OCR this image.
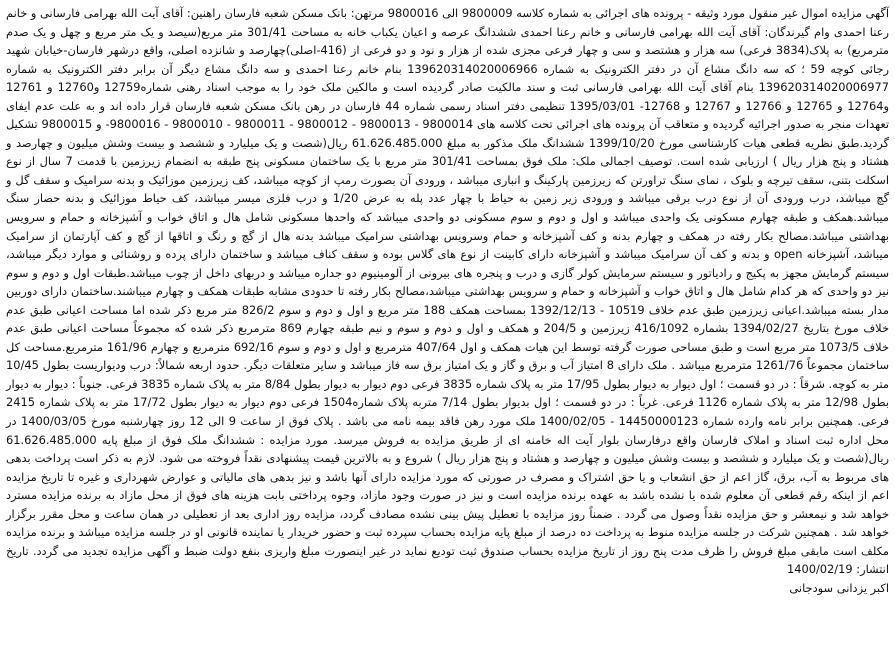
آگهی مزایده اموال غیر منقول مورد وثیقه - پرونده های اجرائی به شماره کلاسه 9800009 الی 9800016 مرتهن: بانک مسکن شعبه فارسان راهنین: آقای آیت الله بهرامی فارسانی و خانم رعنا احمدی وام گیرندگان: آقای آیت الله بهرامی فارسانی و خانم رعنا احمدی ششدانگ عرصه و اعیان یکباب خانه به مساحت 301/41 متر مربع(سیصد و یک متر مربع و چهل و یک صدم مترمربع) به پلاک(3834 فرعی) سه هزار و هشتصد و سی و چهار فرعی مجزی شده از هزار و نود و دو فرعی از (416-اصلی)چهارصد و شانزده اصلی، واقع درشهر فارسان-خیابان شهید رجائی کوچه 59 ؛ که سه دانگ مشاع آن در دفتر الکترونیک به شماره 139620314020006966 بنام خانم رعنا احمدی و سه دانگ مشاع دیگر آن برابر دفتر الکترونیک به شماره 139620314020006977 بنام آقای آیت الله بهرامی فارسانی ثبت و سند مالکیت صادر گردیده است و مالکین ملک خود را به موجب اسناد رهنی شماره12759 و12760 و 12761 و12764 و 12765 و 12766 و 12767 و 12768- 1395/03/01 تنظیمی دفتر اسناد رسمی شماره 44 فارسان در رهن بانک مسکن شعبه فارسان قرار داده اند و به علت عدم ایفای تعهدات منجر به صدور اجرائیه گردیده و متعاقب آن پرونده های اجرائی تحت کلاسه های 9800014 - 9800013 - 9800012 - 9800011 - 9800010 - 9800016- و 9800015 تشکیل گردید.طبق نظریه قطعی هیات کارشناسی مورخ 1399/10/20 ششدانگ ملک مذکور به مبلغ 61.626.485.000 ریال(شصت و یک میلیارد و ششصد و بیست وشش میلیون و چهارصد و هشتاد و پنج هزار ریال ) ارزیابی شده است. توصیف اجمالی ملک: ملک فوق بمساحت 301/41 متر مربع با یک ساختمان مسکونی پنج طبقه به انضمام زیرزمین با قدمت 7 سال از نوع اسکلت بتنی، سقف تیرچه و بلوک ، نمای سنگ تراورتن که زیرزمین پارکینگ و انباری میباشد ، ورودی آن بصورت رمپ از کوچه میباشد، کف زیرزمین موزائیک و بدنه سرامیک و سقف گل و گچ میباشد، درب ورودی آن از نوع درب برقی میباشد و ورودی زیر زمین به حیاط با چهار عدد پله به عرض 1/20 و درب فلزی میسر میباشد، کف حیاط موزائیک و بدنه حصار سنگ میباشد.همکف و طبقه چهارم مسکونی یک واحدی میباشد و اول و دوم و سوم مسکونی دو واحدی میباشد که واحدها مسکونی شامل هال و اتاق خواب و آشپزخانه و حمام و سرویس بهداشتی میباشد.مصالح بکار رفته در همکف و چهارم بدنه و کف آشپزخانه و حمام وسرویس بهداشتی سرامیک میباشد بدنه هال از گچ و رنگ و اتاقها از گچ و کف آپارتمان از سرامیک میباشد، آشپزخانه open و بدنه و کف آن سرامیک میباشد و آشپزخانه دارای کابینت از نوع های گلاس بوده و سقف کناف میباشد و ساختمان دارای پرده و روشنائی و موارد دیگر میباشد، سیستم گرمایش مجهز به پکیج و رادیاتور و سیستم سرمایش کولر گازی و درب و پنجره های بیرونی از آلومینیوم دو جداره میباشد و دربهای داخل از چوب میباشد.طبقات اول و دوم و سوم نیز دو واحدی که هر کدام شامل هال و اتاق خواب و آشپزخانه و حمام و سرویس بهداشتی میباشد،مصالح بکار رفته تا حدودی مشابه طبقات همکف و چهارم میباشند.ساختمان دارای دوربین مدار بسته میباشد.اعیانی زیرزمین طبق عدم خلاف 10519 - 1392/12/13 بمساحت همکف 188 متر مربع و اول و دوم و سوم 826/2 متر مربع ذکر شده اما مساحت اعیانی طبق عدم خلاف مورخ بتاریخ 1394/02/27 بشماره 416/1092 زیرزمین و 204/5 و همکف و اول و دوم و سوم و نیم طبقه چهارم 869 مترمربع ذکر شده که مجموعاً مساحت اعیانی طبق عدم خلاف 1073/5 متر مربع است و طبق مساحی صورت گرفته توسط این هیات همکف و اول 407/64 مترمربع و اول و دوم و سوم 692/16 مترمربع و چهارم 161/96 مترمربع.مساحت کل ساختمان مجموعاً 1261/76 مترمربع میباشد . ملک دارای 8 امتیاز آب و برق و گاز و یک امتیاز برق سه فاز میباشد و سایر متعلقات دیگر. حدود اربعه شمالاً: درب ودیواریست بطول 10/45 متر به کوچه. شرقاً : در دو قسمت ؛ اول دیوار به دیوار بطول 17/95 متر به پلاک شماره 3835 فرعی دوم دیوار به دیوار بطول 8/84 متر به پلاک شماره 3835 فرعی. جنوباً : دیوار به دیوار بطول 12/98 متر به پلاک شماره 1126 فرعی. غرباً : در دو قسمت ؛ اول بدیوار بطول 7/14 متربه پلاک شماره1504 فرعی دوم دیوار به دیوار بطول 17/72 متر به پلاک شماره 2415 فرعی. همچنین برابر نامه وارده شماره 14450000123 - 1400/02/05 ملک مورد رهن فاقد بیمه نامه می باشد . پلاک فوق از ساعت 9 الی 12 روز چهارشنبه مورخ 1400/03/05 در محل اداره ثبت اسناد و املاک فارسان واقع درفارسان بلوار آیت اله خامنه ای از طریق مزایده به فروش میرسد. مورد مزایده : ششدانگ ملک فوق از مبلغ پایه 61.626.485.000 ریال(شصت و یک میلیارد و ششصد و بیست وشش میلیون و چهارصد و هشتاد و پنج هزار ریال ) شروع و به بالاترین قیمت پیشنهادی نقداً فروخته می شود. لازم به ذکر است پرداخت بدهی های مربوط به آب، برق، گاز اعم از حق انشعاب و یا حق اشتراک و مصرف در صورتی که مورد مزایده دارای آنها باشد و نیز بدهی های مالیاتی و عوارض شهرداری و غیره تا تاریخ مزایده اعم از اینکه رقم قطعی آن معلوم شده یا نشده باشد به عهده برنده مزایده است و نیز در صورت وجود مازاد، وجوه پرداختی بابت هزینه های فوق از محل مازاد به برنده مزایده مسترد خواهد شد و نیمعشر و حق مزایده نقداً وصول می گردد . ضمناً روز مزایده با تعطیل پیش بینی نشده مصادف گردد، مزایده روز اداری بعد از تعطیلی در همان ساعت و محل مقرر برگزار خواهد شد . همچنین شرکت در جلسه مزایده منوط به پرداخت ده درصد از مبلغ پایه مزایده بحساب سپرده ثبت و حضور خریدار یا نماینده قانونی او در جلسه مزایده میباشد و برنده مزایده مکلف است مابقی مبلغ فروش را ظرف مدت پنج روز از تاریخ مزایده بحساب صندوق ثبت تودیع نماید در غیر اینصورت مبلغ واریزی بنفع دولت ضبط و آگهی مزایده تجدید می گردد. تاریخ انتشار: 1400/02/19

اکبر یزدانی سودجانی
